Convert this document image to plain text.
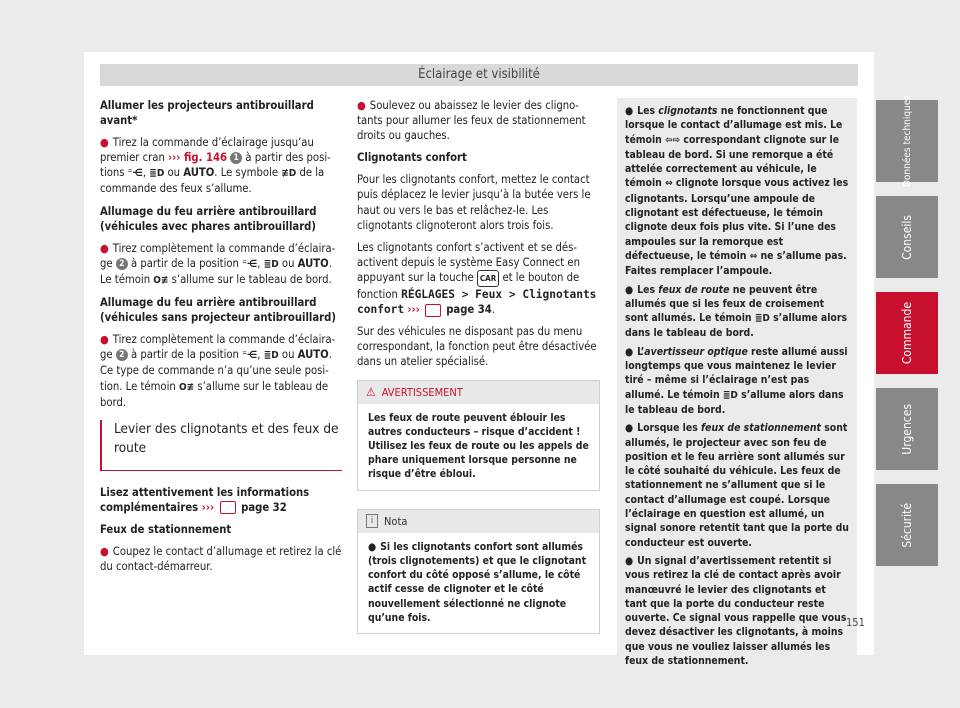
Éclairage et visibilité

Allumer les projecteurs antibrouillard avant*

● Tirez la commande d’éclairage jusqu’au premier cran ››› fig. 146 1 à partir des positions ⁼⋲, ≣D ou AUTO. Le symbole ≢D de la commande des feux s’allume.

Allumage du feu arrière antibrouillard (véhicules avec phares antibrouillard)

● Tirez complètement la commande d’éclairage 2 à partir de la position ⁼⋲, ≣D ou AUTO. Le témoin O≢ s’allume sur le tableau de bord.

Allumage du feu arrière antibrouillard (véhicules sans projecteur antibrouillard)

● Tirez complètement la commande d’éclairage 2 à partir de la position ⁼⋲, ≣D ou AUTO. Ce type de commande n’a qu’une seule position. Le témoin O≢ s’allume sur le tableau de bord.

Levier des clignotants et des feux de route

Lisez attentivement les informations complémentaires ››› page 32

Feux de stationnement

● Coupez le contact d’allumage et retirez la clé du contact-démarreur.

● Soulevez ou abaissez le levier des clignotants pour allumer les feux de stationnement droits ou gauches.

Clignotants confort

Pour les clignotants confort, mettez le contact puis déplacez le levier jusqu’à la butée vers le haut ou vers le bas et relâchez-le. Les clignotants clignoteront alors trois fois.

Les clignotants confort s’activent et se désactivent depuis le système Easy Connect en appuyant sur la touche CAR et le bouton de fonction RÉGLAGES > Feux > Clignotants confort ››› page 34.

Sur des véhicules ne disposant pas du menu correspondant, la fonction peut être désactivée dans un atelier spécialisé.

⚠ AVERTISSEMENT
Les feux de route peuvent éblouir les autres conducteurs – risque d’accident ! Utilisez les feux de route ou les appels de phare uniquement lorsque personne ne risque d’être ébloui.
i Nota
● Si les clignotants confort sont allumés (trois clignotements) et que le clignotant confort du côté opposé s’allume, le côté actif cesse de clignoter et le côté nouvellement sélectionné ne clignote qu’une fois.

● Les clignotants ne fonctionnent que lorsque le contact d’allumage est mis. Le témoin ⇦⇨ correspondant clignote sur le tableau de bord. Si une remorque a été attelée correctement au véhicule, le témoin ⇔ clignote lorsque vous activez les clignotants. Lorsqu’une ampoule de clignotant est défectueuse, le témoin clignote deux fois plus vite. Si l’une des ampoules sur la remorque est défectueuse, le témoin ⇔ ne s’allume pas. Faites remplacer l’ampoule.

● Les feux de route ne peuvent être allumés que si les feux de croisement sont allumés. Le témoin ≣D s’allume alors dans le tableau de bord.

● L’avertisseur optique reste allumé aussi longtemps que vous maintenez le levier tiré – même si l’éclairage n’est pas allumé. Le témoin ≣D s’allume alors dans le tableau de bord.

● Lorsque les feux de stationnement sont allumés, le projecteur avec son feu de position et le feu arrière sont allumés sur le côté souhaité du véhicule. Les feux de stationnement ne s’allument que si le contact d’allumage est coupé. Lorsque l’éclairage en question est allumé, un signal sonore retentit tant que la porte du conducteur est ouverte.

● Un signal d’avertissement retentit si vous retirez la clé de contact après avoir manœuvré le levier des clignotants et tant que la porte du conducteur reste ouverte. Ce signal vous rappelle que vous devez désactiver les clignotants, à moins que vous ne vouliez laisser allumés les feux de stationnement.

Données techniques
Conseils
Commande
Urgences
Sécurité
151
